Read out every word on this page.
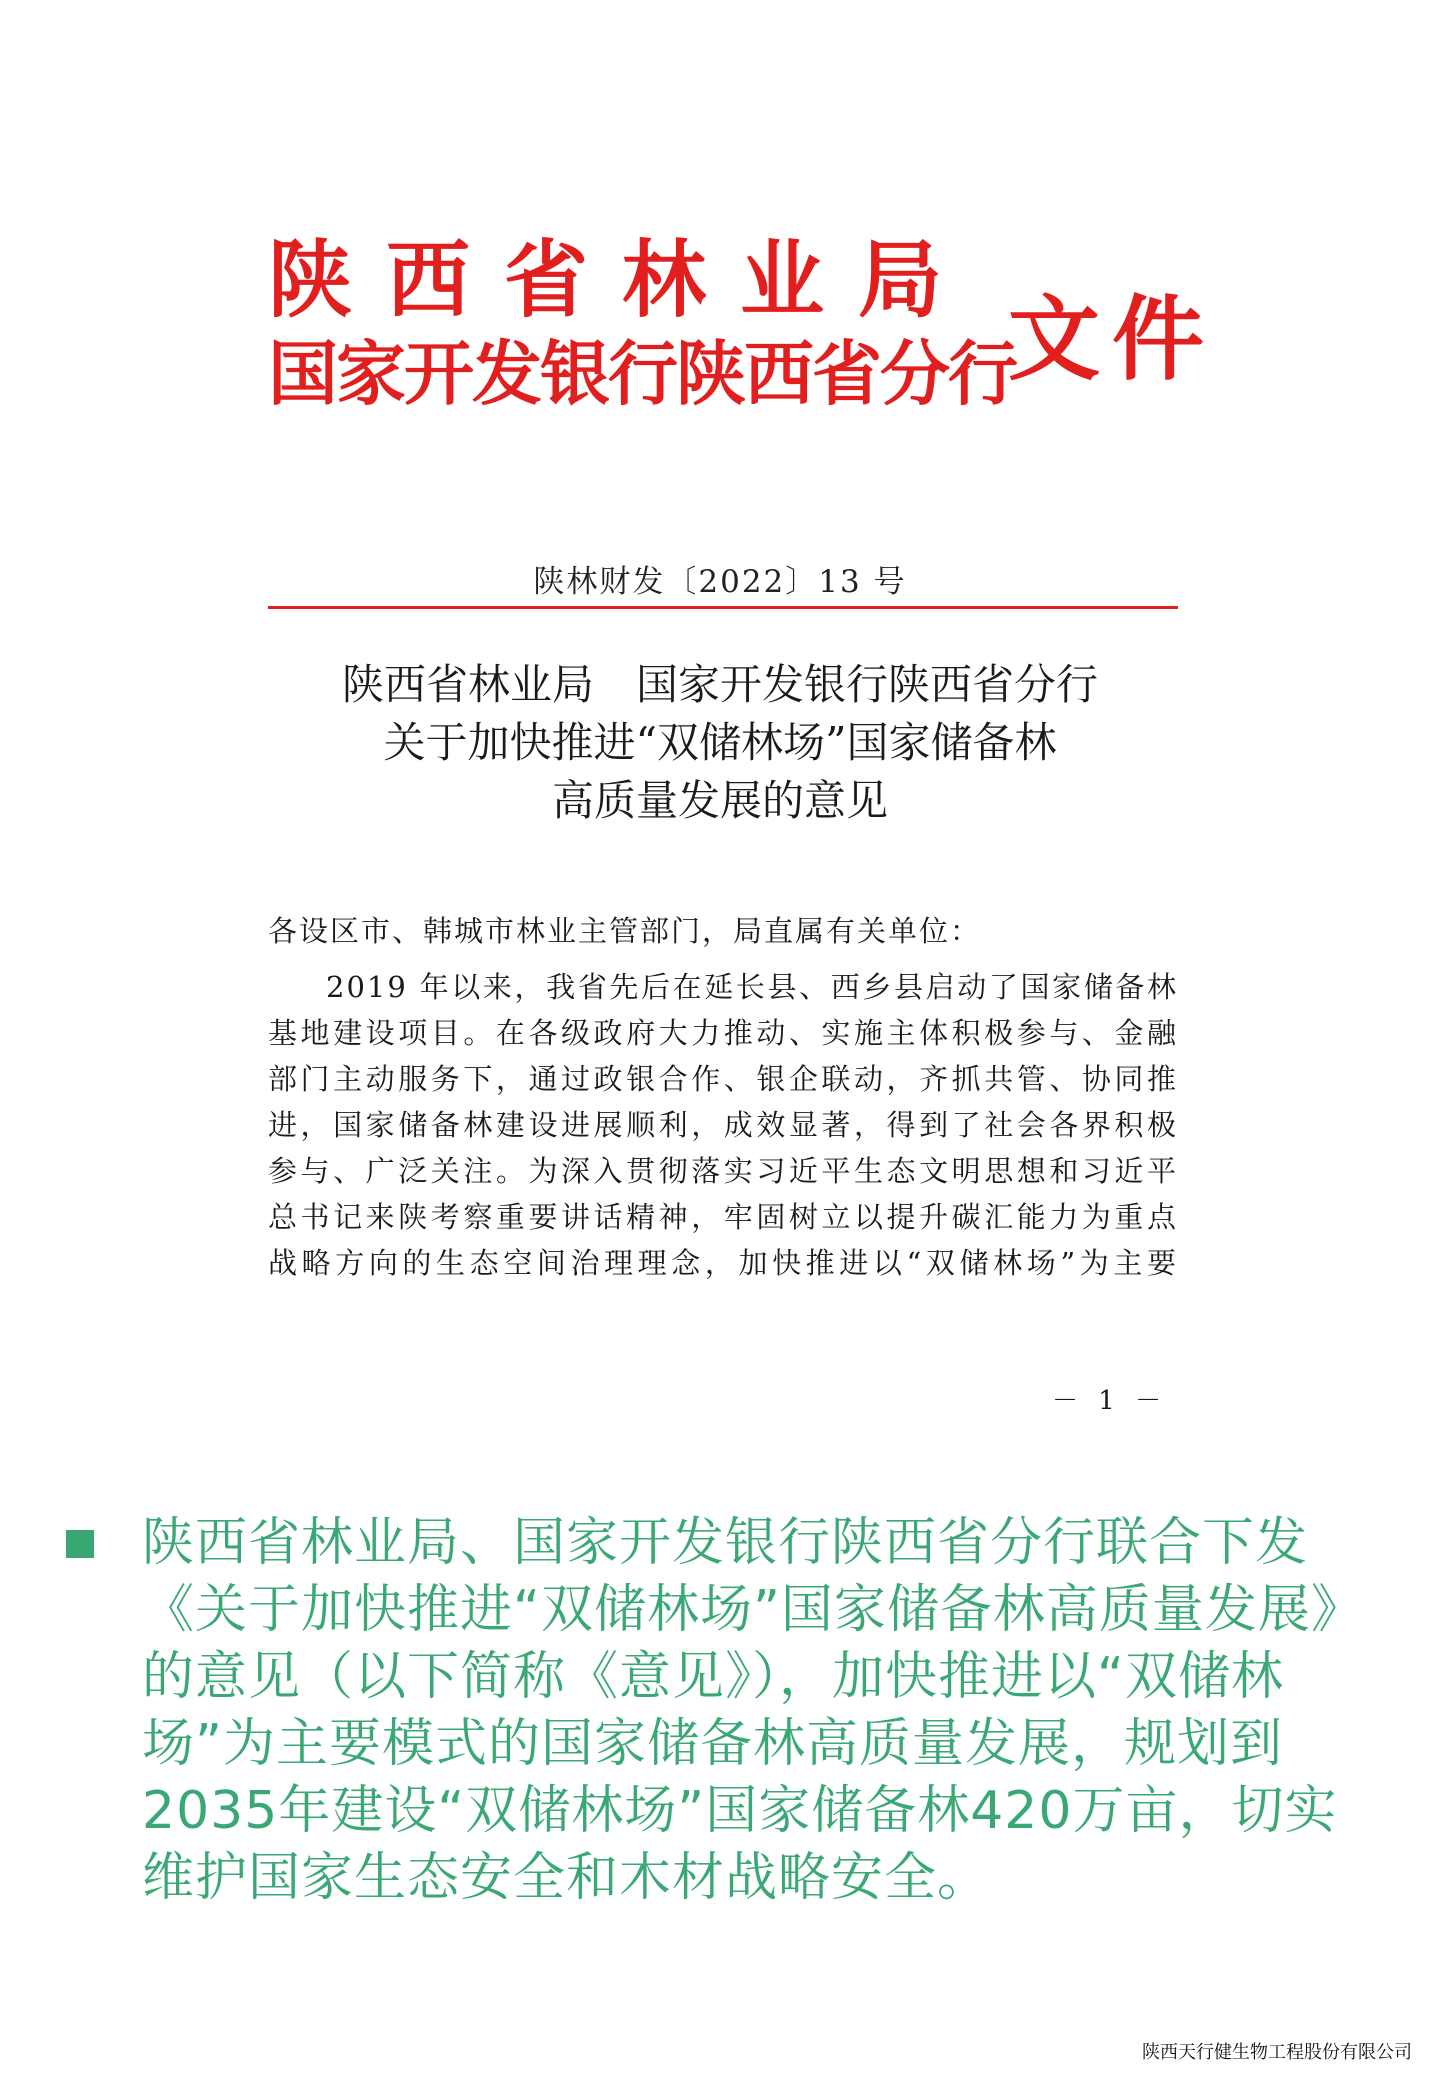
陕西省林业局
国家开发银行陕西省分行
文件
陕林财发〔2022〕13 号
陕西省林业局　国家开发银行陕西省分行
关于加快推进“双储林场”国家储备林
高质量发展的意见
各设区市、韩城市林业主管部门，局直属有关单位：
2019 年以来，我省先后在延长县、西乡县启动了国家储备林
基地建设项目。在各级政府大力推动、实施主体积极参与、金融
部门主动服务下，通过政银合作、银企联动，齐抓共管、协同推
进，国家储备林建设进展顺利，成效显著，得到了社会各界积极
参与、广泛关注。为深入贯彻落实习近平生态文明思想和习近平
总书记来陕考察重要讲话精神，牢固树立以提升碳汇能力为重点
战略方向的生态空间治理理念，加快推进以“双储林场”为主要
－ 1 －
陕西省林业局、国家开发银行陕西省分行联合下发《关于加快推进“双储林场”国家储备林高质量发展》的意见（以下简称《意见》），加快推进以“双储林场”为主要模式的国家储备林高质量发展，规划到2035年建设“双储林场”国家储备林420万亩，切实维护国家生态安全和木材战略安全。
陕西天行健生物工程股份有限公司
